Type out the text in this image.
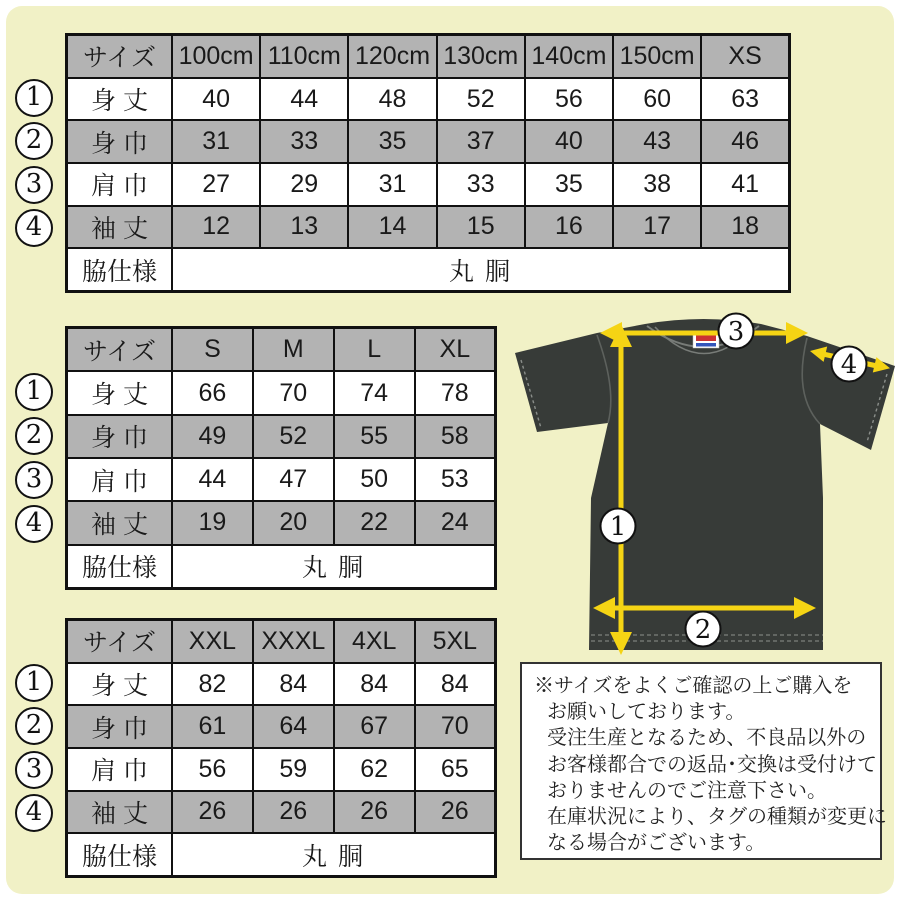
サイズ	100cm	110cm	120cm	130cm	140cm	150cm	XS
身 丈	40	44	48	52	56	60	63
身 巾	31	33	35	37	40	43	46
肩 巾	27	29	31	33	35	38	41
袖 丈	12	13	14	15	16	17	18
脇仕様	丸 胴						
1
2
3
4
サイズ	S	M	L	XL
身 丈	66	70	74	78
身 巾	49	52	55	58
肩 巾	44	47	50	53
袖 丈	19	20	22	24
脇仕様	丸 胴			
1
2
3
4
サイズ	XXL	XXXL	4XL	5XL
身 丈	82	84	84	84
身 巾	61	64	67	70
肩 巾	56	59	62	65
袖 丈	26	26	26	26
脇仕様	丸 胴			
1
2
3
4
3
4
1
2
※サイズをよくご確認の上ご購入を
お願いしております。
受注生産となるため、不良品以外の
お客様都合での返品･交換は受付けて
おりませんのでご注意下さい。
在庫状況により、タグの種類が変更に
なる場合がございます。
